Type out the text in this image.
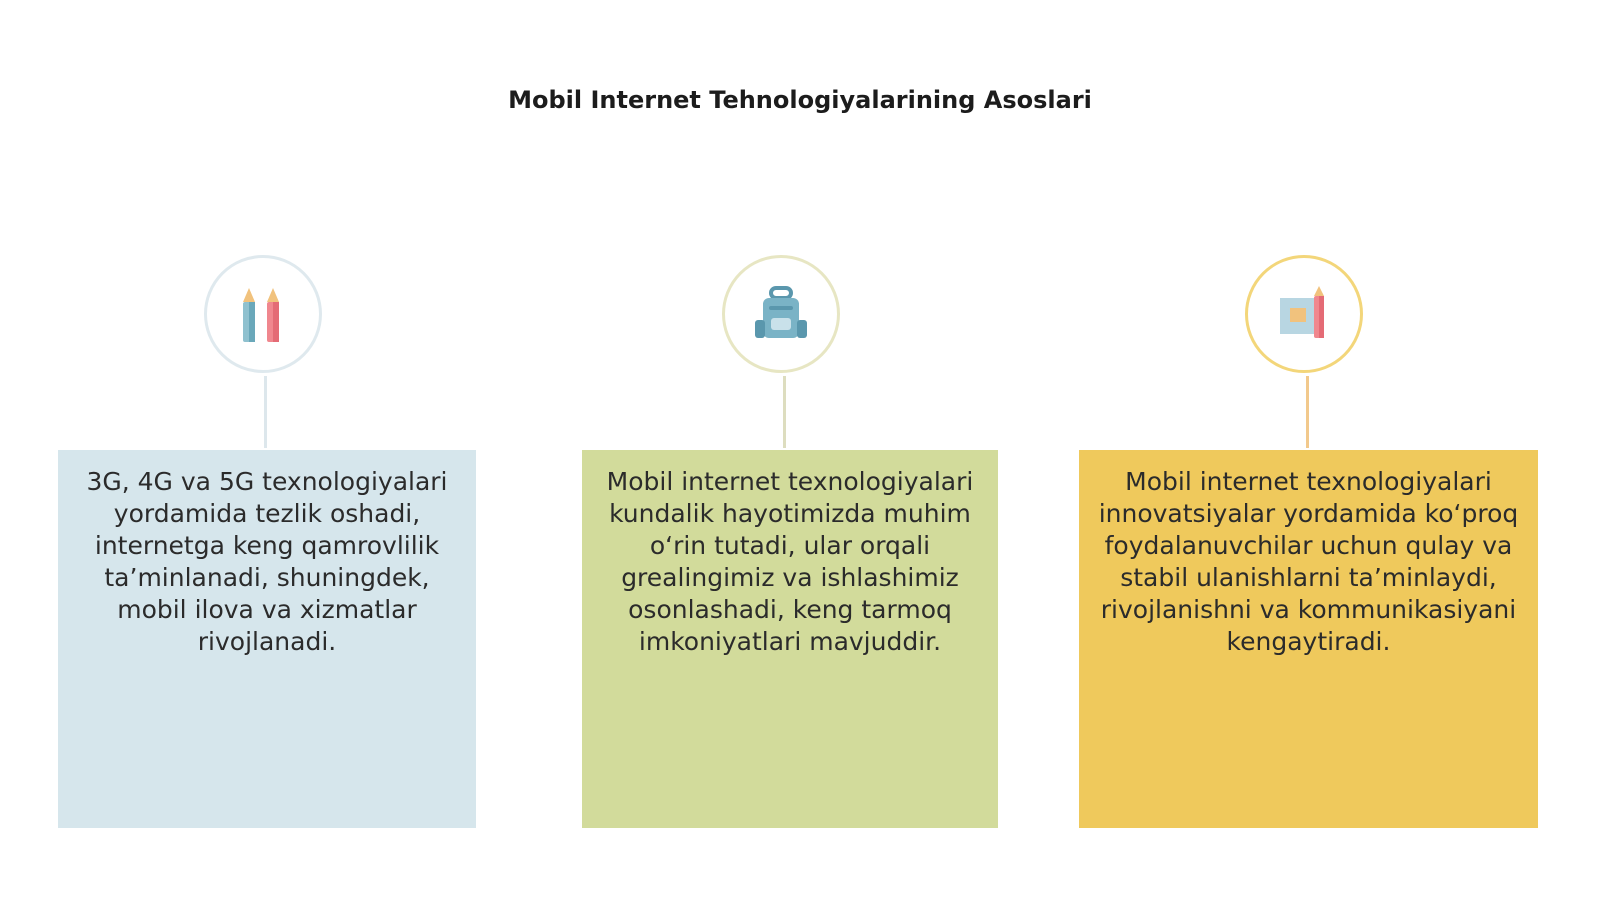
Mobil Internet Tehnologiyalarining Asoslari
3G, 4G va 5G texnologiyalari yordamida tezlik oshadi, internetga keng qamrovlilik ta’minlanadi, shuningdek, mobil ilova va xizmatlar rivojlanadi.
Mobil internet texnologiyalari kundalik hayotimizda muhim o‘rin tutadi, ular orqali grealingimiz va ishlashimiz osonlashadi, keng tarmoq imkoniyatlari mavjuddir.
Mobil internet texnologiyalari innovatsiyalar yordamida ko‘proq foydalanuvchilar uchun qulay va stabil ulanishlarni ta’minlaydi, rivojlanishni va kommunikasiyani kengaytiradi.
